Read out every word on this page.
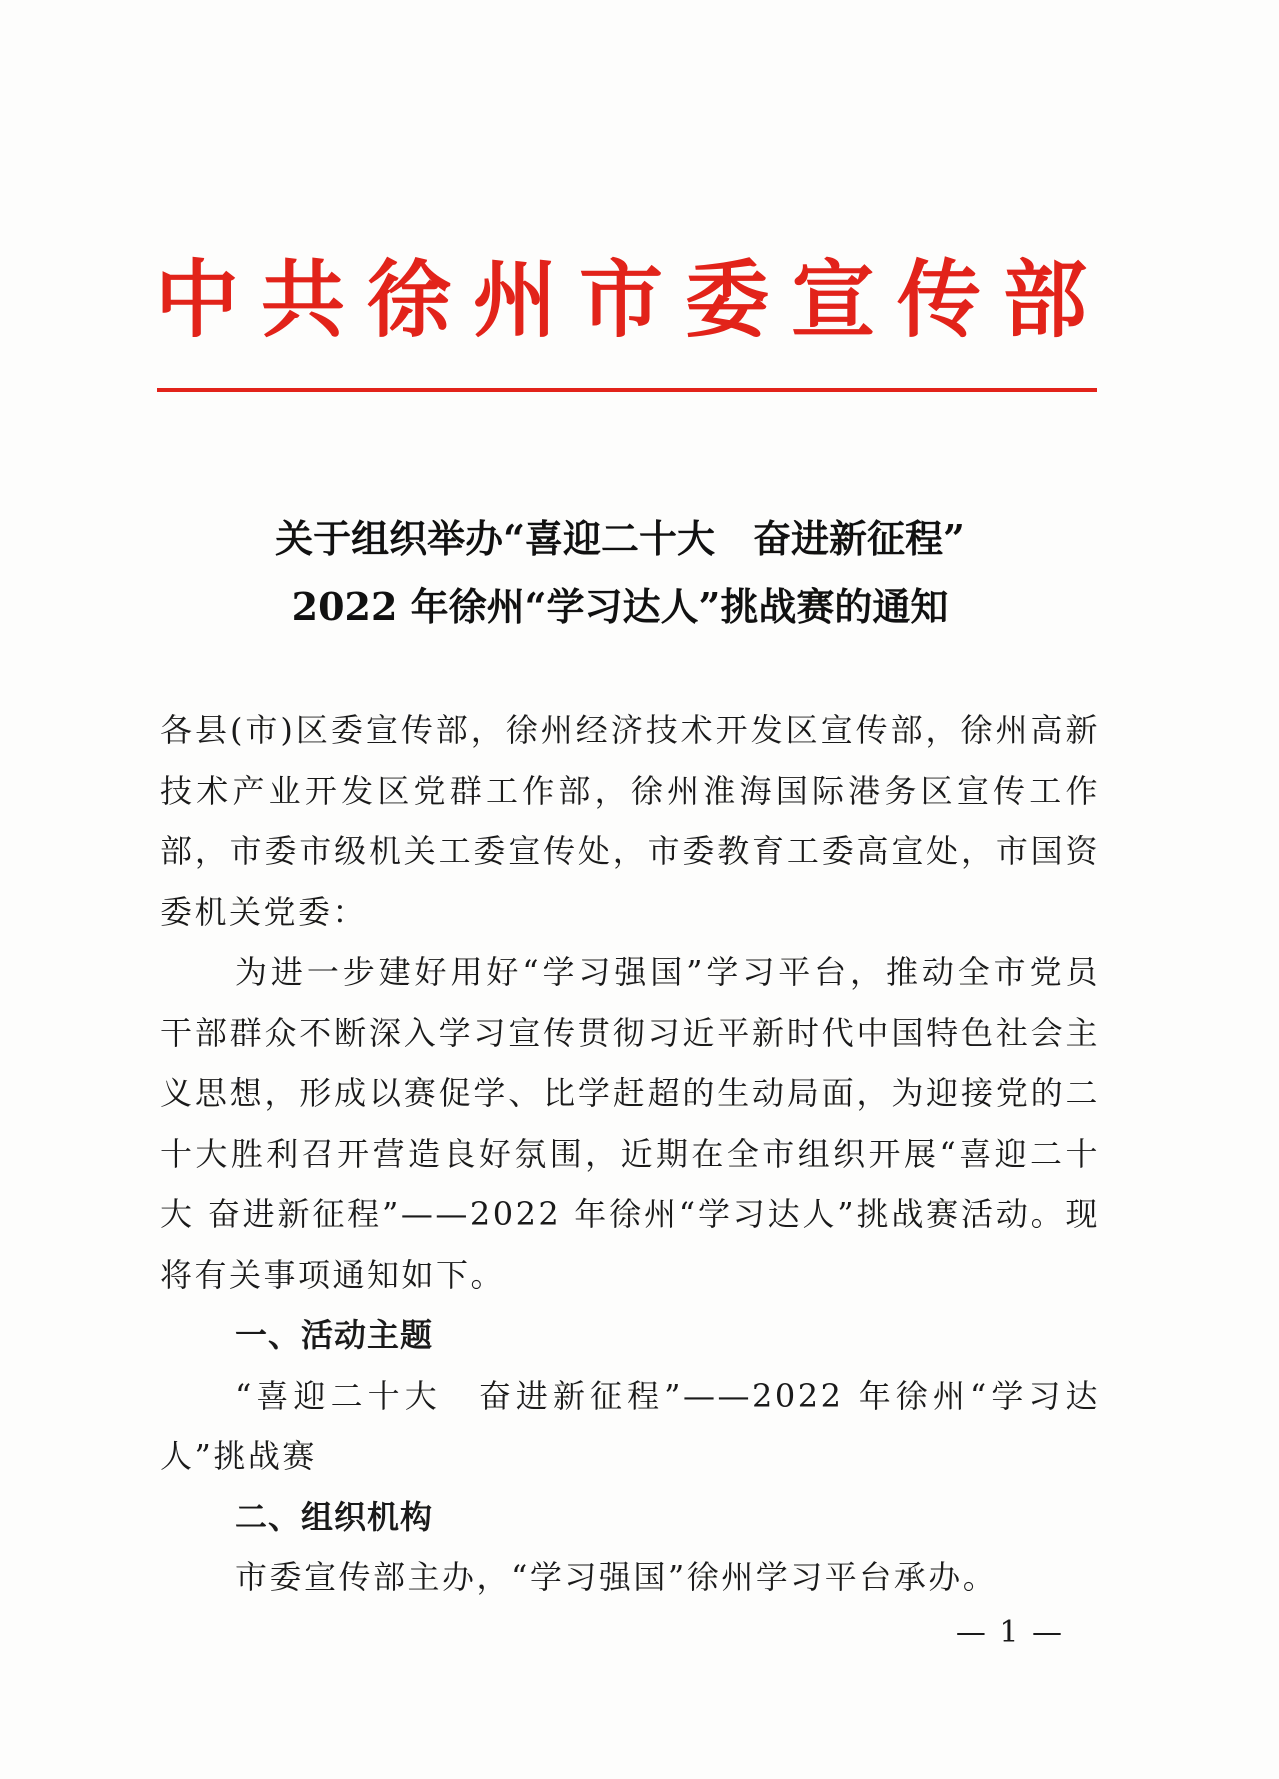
中共徐州市委宣传部
关于组织举办“喜迎二十大　奋进新征程”
2022 年徐州“学习达人”挑战赛的通知

各县(市)区委宣传部，徐州经济技术开发区宣传部，徐州高新技术产业开发区党群工作部，徐州淮海国际港务区宣传工作部，市委市级机关工委宣传处，市委教育工委高宣处，市国资委机关党委：

为进一步建好用好“学习强国”学习平台，推动全市党员干部群众不断深入学习宣传贯彻习近平新时代中国特色社会主义思想，形成以赛促学、比学赶超的生动局面，为迎接党的二十大胜利召开营造良好氛围，近期在全市组织开展“喜迎二十大 奋进新征程”——2022 年徐州“学习达人”挑战赛活动。现将有关事项通知如下。

一、活动主题

“喜迎二十大　奋进新征程”——2022 年徐州“学习达人”挑战赛

二、组织机构

市委宣传部主办，“学习强国”徐州学习平台承办。

— 1 —
